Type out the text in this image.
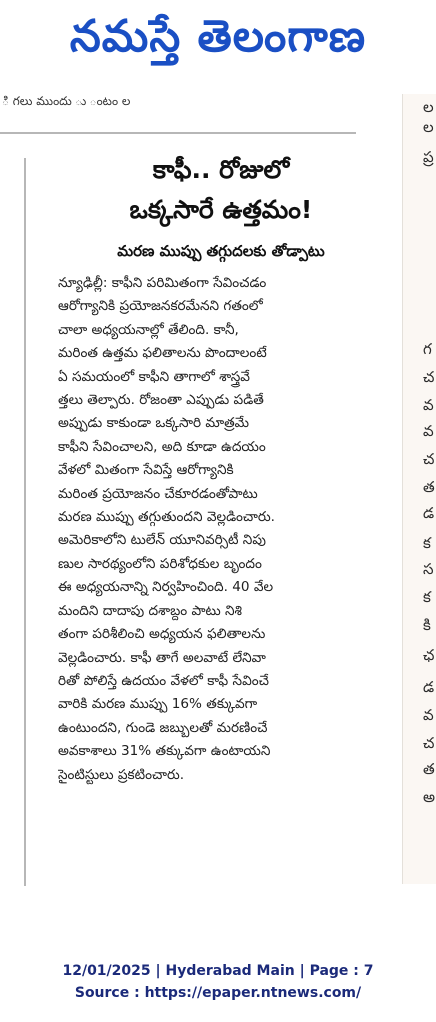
నమస్తే తెలంగాణ
ి గలు ముందు ు ంటం ల	ల
ల
ప్ర
గ
చ
వ
వ
చ
త
డ
క
స
క
కి
ఛ
డ
వ
చ
త
అ
కాఫీ.. రోజులో
ఒక్కసారే ఉత్తమం!
మరణ ముప్పు తగ్గుదలకు తోడ్పాటు
న్యూఢిల్లీ: కాఫీని పరిమితంగా సేవించడం
ఆరోగ్యానికి ప్రయోజనకరమేనని గతంలో
చాలా అధ్యయనాల్లో తేలింది. కానీ,
మరింత ఉత్తమ ఫలితాలను పొందాలంటే
ఏ సమయంలో కాఫీని తాగాలో శాస్త్రవే
త్తలు తెల్పారు. రోజంతా ఎప్పుడు పడితే
అప్పుడు కాకుండా ఒక్కసారి మాత్రమే
కాఫీని సేవించాలని, అది కూడా ఉదయం
వేళలో మితంగా సేవిస్తే ఆరోగ్యానికి
మరింత ప్రయోజనం చేకూరడంతోపాటు
మరణ ముప్పు తగ్గుతుందని వెల్లడించారు.
అమెరికాలోని టులేన్ యూనివర్సిటీ నిపు
ణుల సారథ్యంలోని పరిశోధకుల బృందం
ఈ అధ్యయనాన్ని నిర్వహించింది. 40 వేల
మందిని దాదాపు దశాబ్దం పాటు నిశి
తంగా పరిశీలించి అధ్యయన ఫలితాలను
వెల్లడించారు. కాఫీ తాగే అలవాటే లేనివా
రితో పోలిస్తే ఉదయం వేళలో కాఫీ సేవించే
వారికి మరణ ముప్పు 16% తక్కువగా
ఉంటుందని, గుండె జబ్బులతో మరణించే
అవకాశాలు 31% తక్కువగా ఉంటాయని
సైంటిస్టులు ప్రకటించారు.
12/01/2025 | Hyderabad Main | Page : 7
Source : https://epaper.ntnews.com/
